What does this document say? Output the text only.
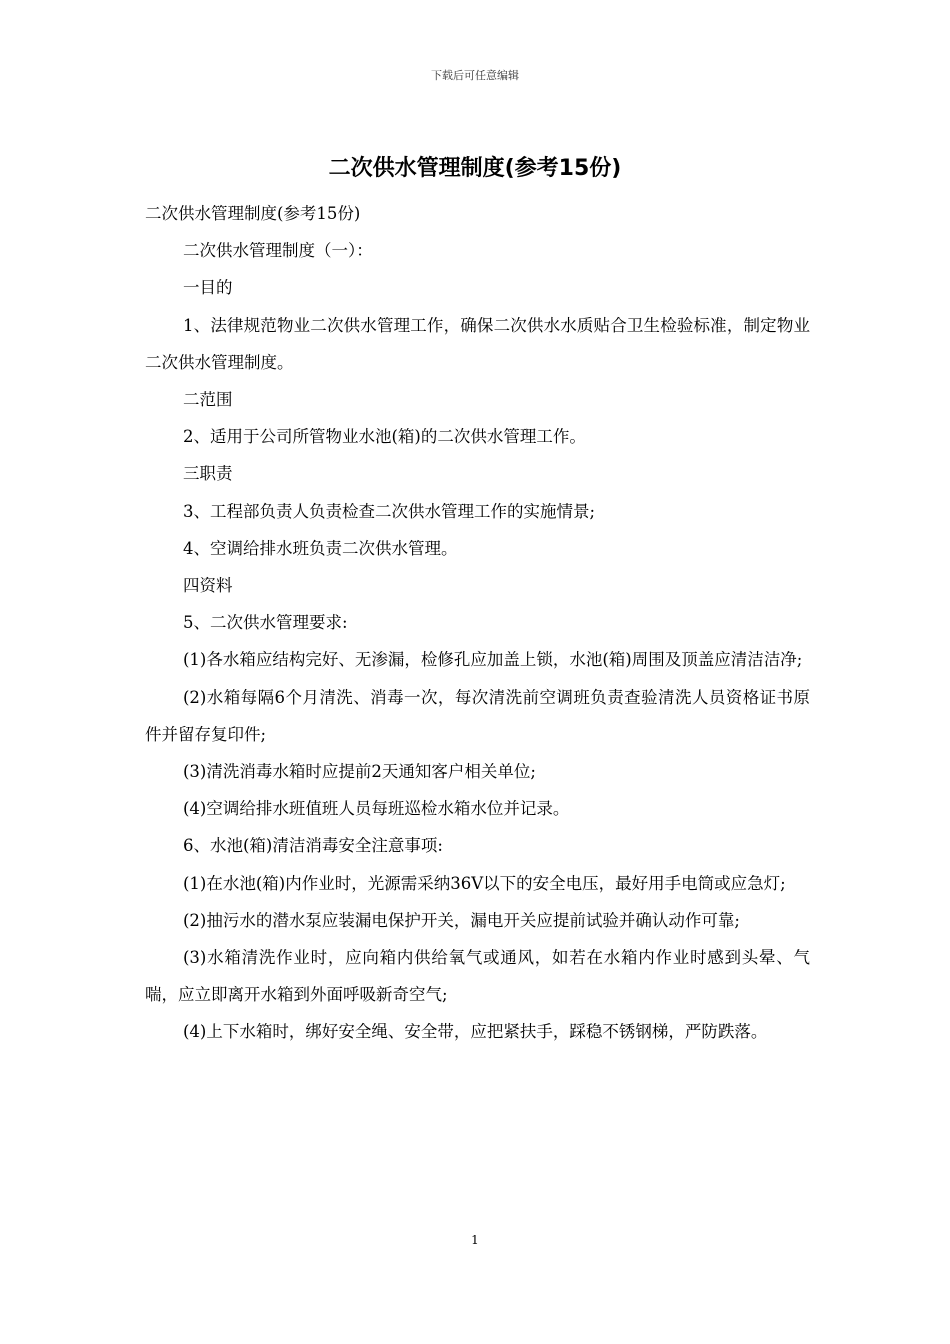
下载后可任意编辑
二次供水管理制度(参考15份)

二次供水管理制度(参考15份)

二次供水管理制度（一）：

一目的

1、法律规范物业二次供水管理工作，确保二次供水水质贴合卫生检验标准，制定物业二次供水管理制度。

二范围

2、适用于公司所管物业水池(箱)的二次供水管理工作。

三职责

3、工程部负责人负责检查二次供水管理工作的实施情景;

4、空调给排水班负责二次供水管理。

四资料

5、二次供水管理要求:

(1)各水箱应结构完好、无渗漏，检修孔应加盖上锁，水池(箱)周围及顶盖应清洁洁净;

(2)水箱每隔6个月清洗、消毒一次，每次清洗前空调班负责查验清洗人员资格证书原件并留存复印件;

(3)清洗消毒水箱时应提前2天通知客户相关单位;

(4)空调给排水班值班人员每班巡检水箱水位并记录。

6、水池(箱)清洁消毒安全注意事项:

(1)在水池(箱)内作业时，光源需采纳36V以下的安全电压，最好用手电筒或应急灯;

(2)抽污水的潜水泵应装漏电保护开关，漏电开关应提前试验并确认动作可靠;

(3)水箱清洗作业时，应向箱内供给氧气或通风，如若在水箱内作业时感到头晕、气喘，应立即离开水箱到外面呼吸新奇空气;

(4)上下水箱时，绑好安全绳、安全带，应把紧扶手，踩稳不锈钢梯，严防跌落。

1
